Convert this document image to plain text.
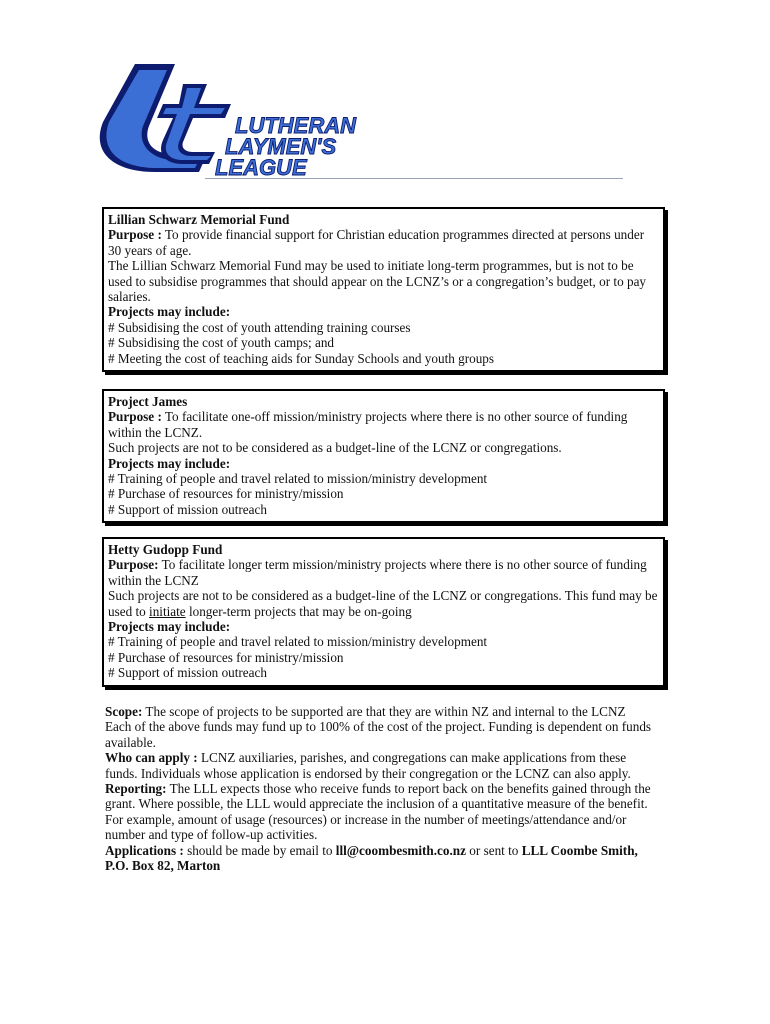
LUTHERAN
LAYMEN'S
LEAGUE

Lillian Schwarz Memorial Fund

Purpose : To provide financial support for Christian education programmes directed at persons under 30 years of age.

The Lillian Schwarz Memorial Fund may be used to initiate long-term programmes, but is not to be used to subsidise programmes that should appear on the LCNZ’s or a congregation’s budget, or to pay salaries.

Projects may include:

# Subsidising the cost of youth attending training courses

# Subsidising the cost of youth camps; and

# Meeting the cost of teaching aids for Sunday Schools and youth groups

Project James

Purpose : To facilitate one-off mission/ministry projects where there is no other source of funding within the LCNZ.

Such projects are not to be considered as a budget-line of the LCNZ or congregations.

Projects may include:

# Training of people and travel related to mission/ministry development

# Purchase of resources for ministry/mission

# Support of mission outreach

Hetty Gudopp Fund

Purpose: To facilitate longer term mission/ministry projects where there is no other source of funding within the LCNZ

Such projects are not to be considered as a budget-line of the LCNZ or congregations. This fund may be used to initiate longer-term projects that may be on-going

Projects may include:

# Training of people and travel related to mission/ministry development

# Purchase of resources for ministry/mission

# Support of mission outreach

Scope: The scope of projects to be supported are that they are within NZ and internal to the LCNZ

Each of the above funds may fund up to 100% of the cost of the project. Funding is dependent on funds available.

Who can apply : LCNZ auxiliaries, parishes, and congregations can make applications from these funds. Individuals whose application is endorsed by their congregation or the LCNZ can also apply.

Reporting: The LLL expects those who receive funds to report back on the benefits gained through the grant. Where possible, the LLL would appreciate the inclusion of a quantitative measure of the benefit. For example, amount of usage (resources) or increase in the number of meetings/attendance and/or number and type of follow-up activities.

Applications : should be made by email to lll@coombesmith.co.nz or sent to LLL Coombe Smith, P.O. Box 82, Marton
